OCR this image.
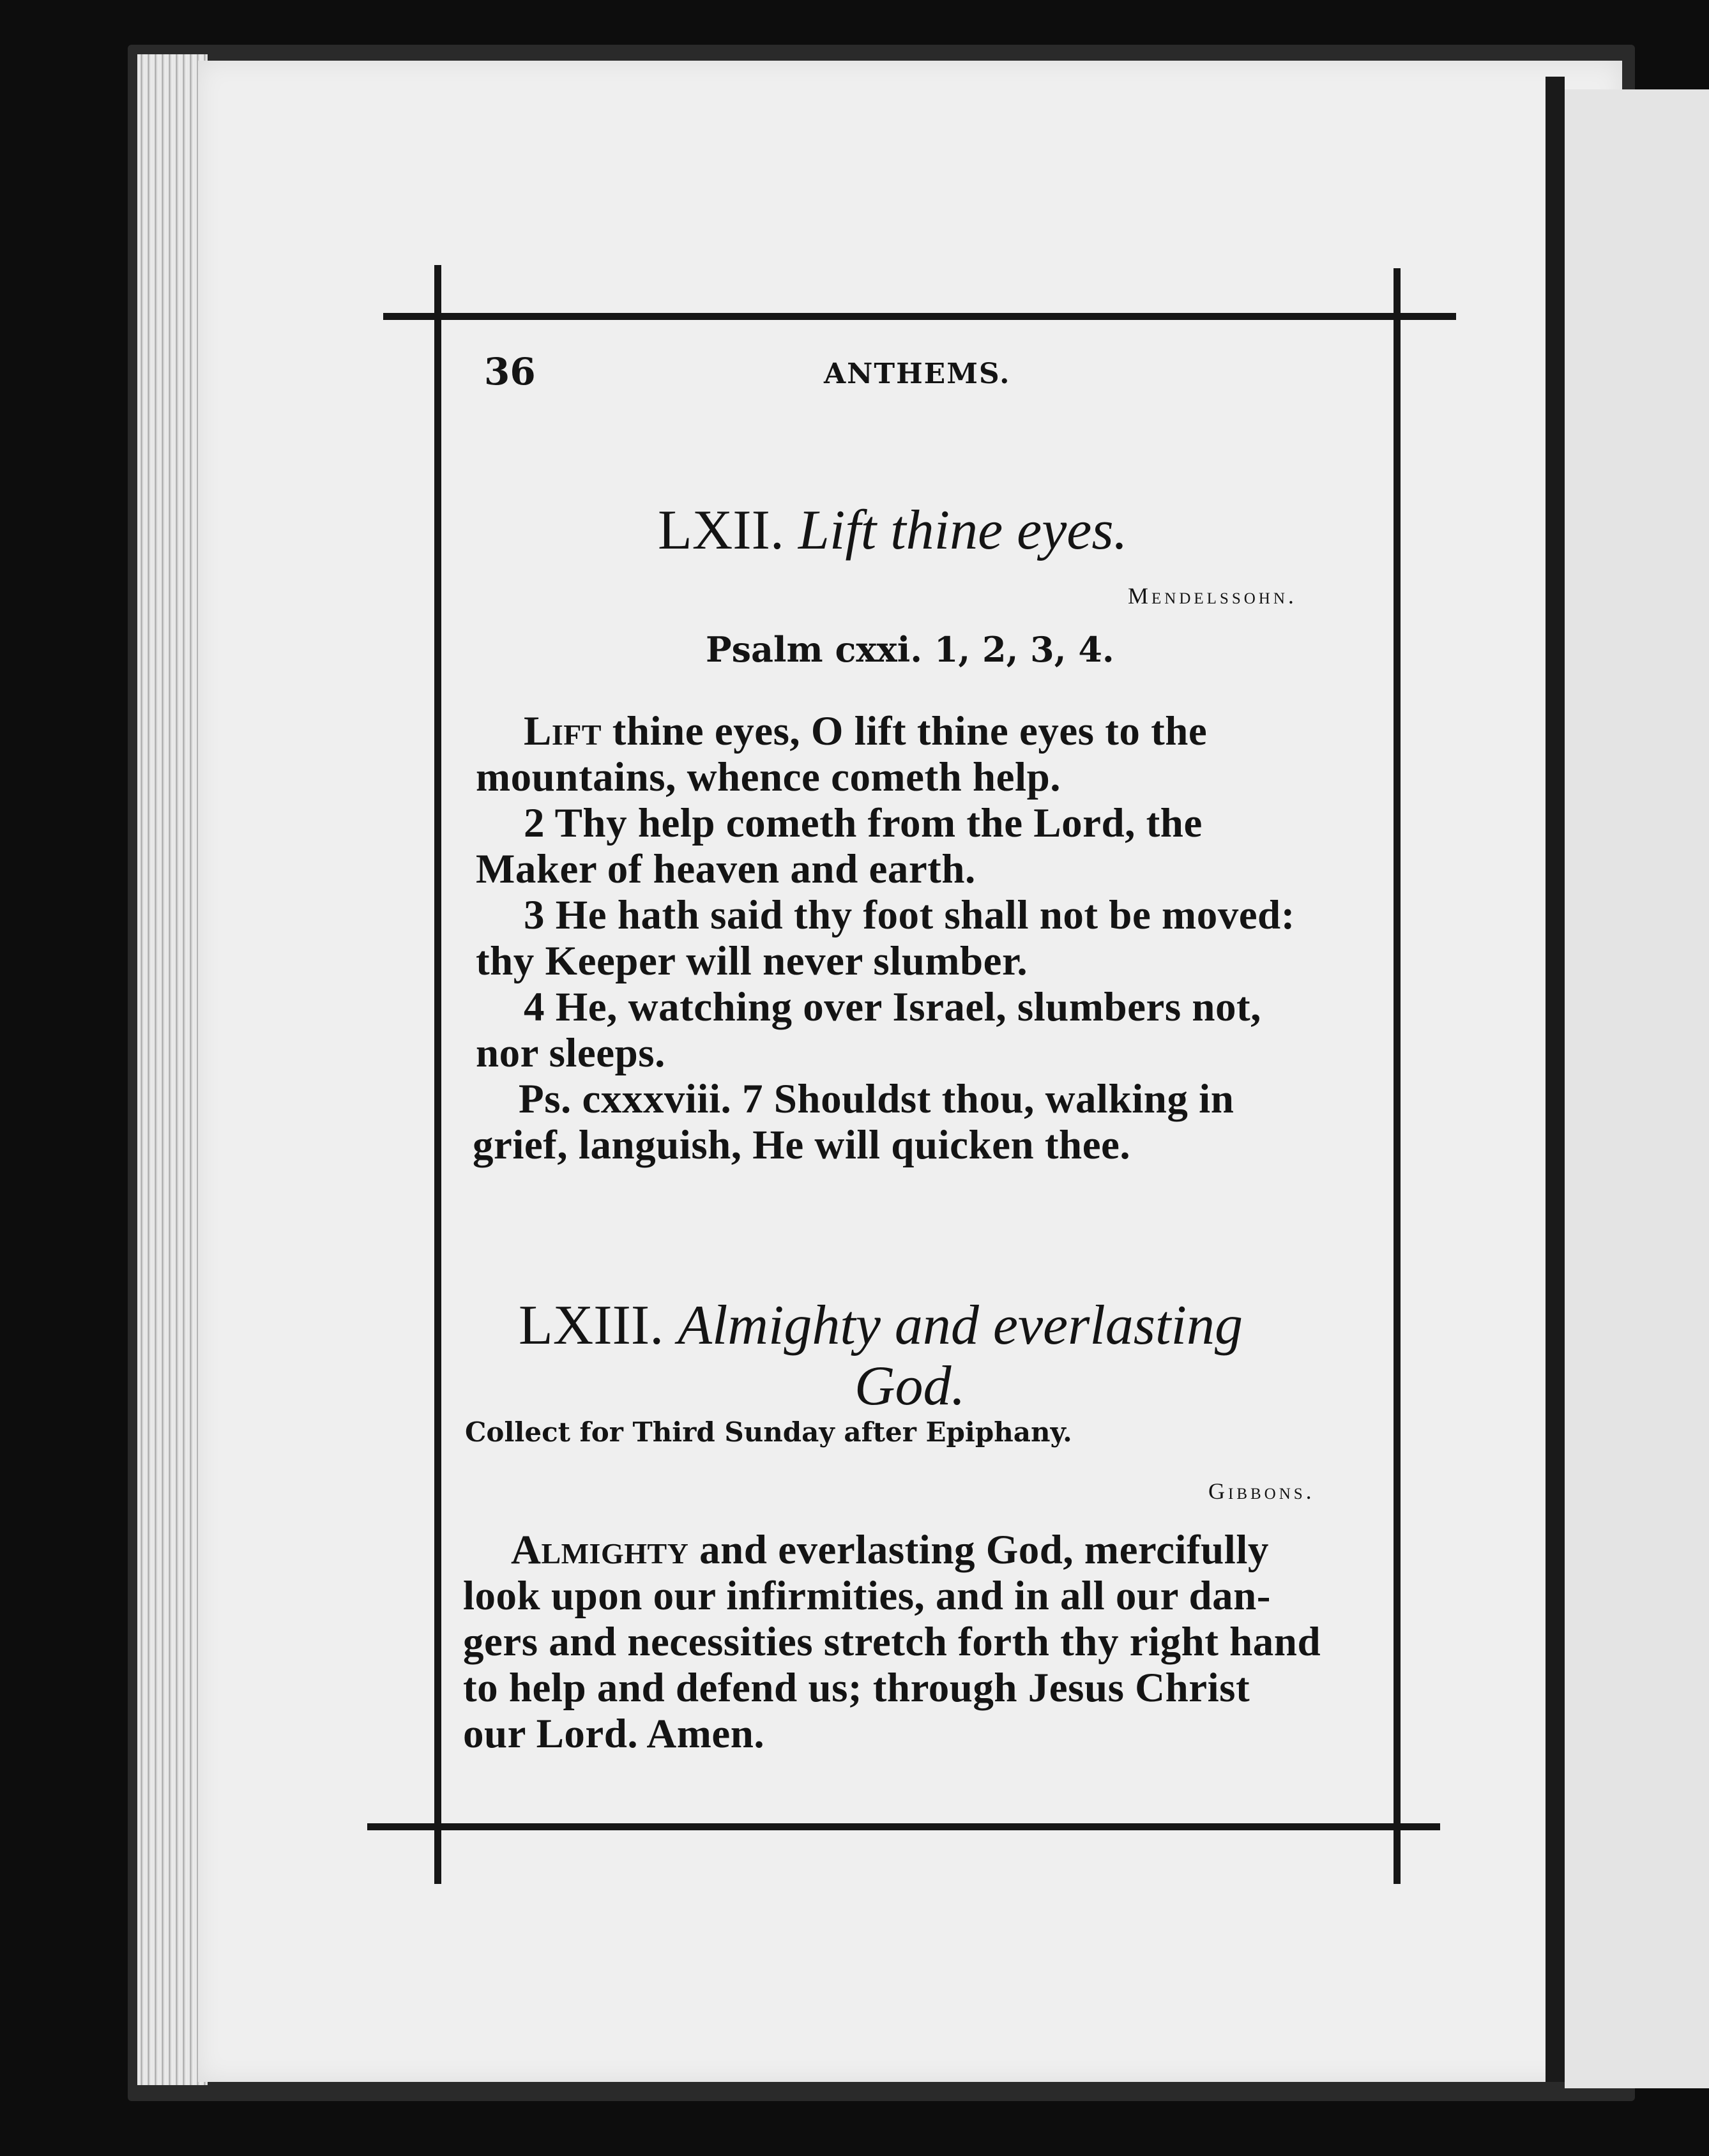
36	ANTHEMS.
LXII. Lift thine eyes.
Mendelssohn.
Psalm cxxi. 1, 2, 3, 4.
Lift thine eyes, O lift thine eyes to the
mountains, whence cometh help.
2 Thy help cometh from the Lord, the
Maker of heaven and earth.
3 He hath said thy foot shall not be moved:
thy Keeper will never slumber.
4 He, watching over Israel, slumbers not,
nor sleeps.
Ps. cxxxviii. 7 Shouldst thou, walking in
grief, languish, He will quicken thee.
LXIII. Almighty and everlasting
God.
Collect for Third Sunday after Epiphany.
Gibbons.
Almighty and everlasting God, mercifully
look upon our infirmities, and in all our dan-
gers and necessities stretch forth thy right hand
to help and defend us; through Jesus Christ
our Lord. Amen.
